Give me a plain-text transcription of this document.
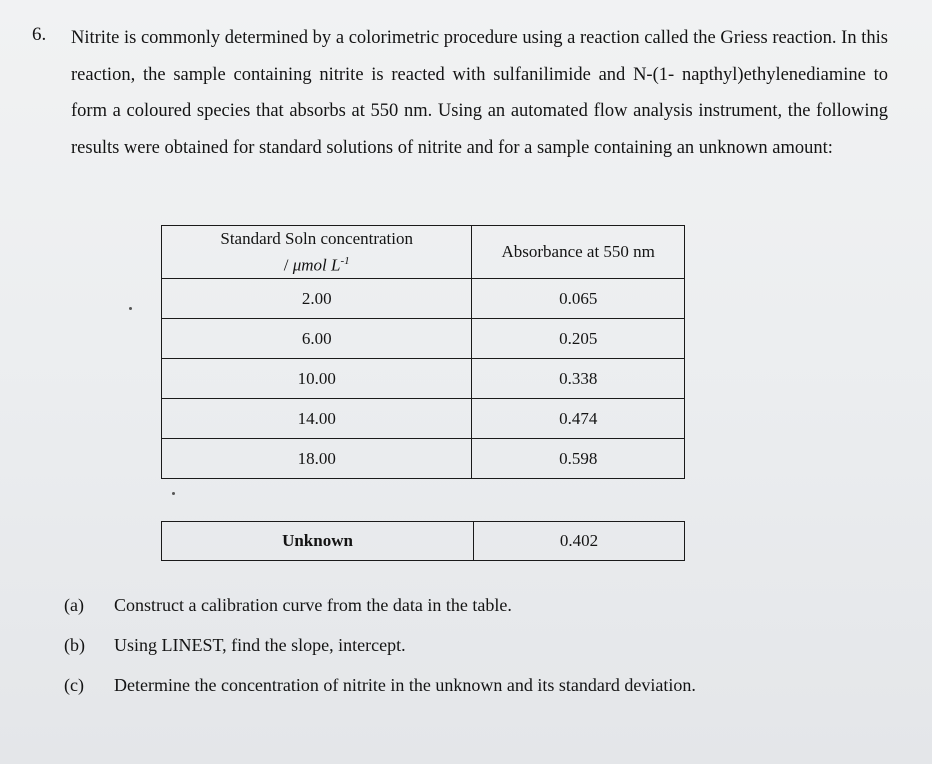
6. Nitrite is commonly determined by a colorimetric procedure using a reaction called the Griess reaction. In this reaction, the sample containing nitrite is reacted with sulfanilimide and N-(1- napthyl)ethylenediamine to form a coloured species that absorbs at 550 nm. Using an automated flow analysis instrument, the following results were obtained for standard solutions of nitrite and for a sample containing an unknown amount:

Standard Soln concentration
/ μmol $L^{-1}$	Absorbance at 550 nm
2.00	0.065
6.00	0.205
10.00	0.338
14.00	0.474
18.00	0.598
Unknown	0.402
(a)	Construct a calibration curve from the data in the table.
(b)	Using LINEST, find the slope, intercept.
(c)	Determine the concentration of nitrite in the unknown and its standard deviation.
